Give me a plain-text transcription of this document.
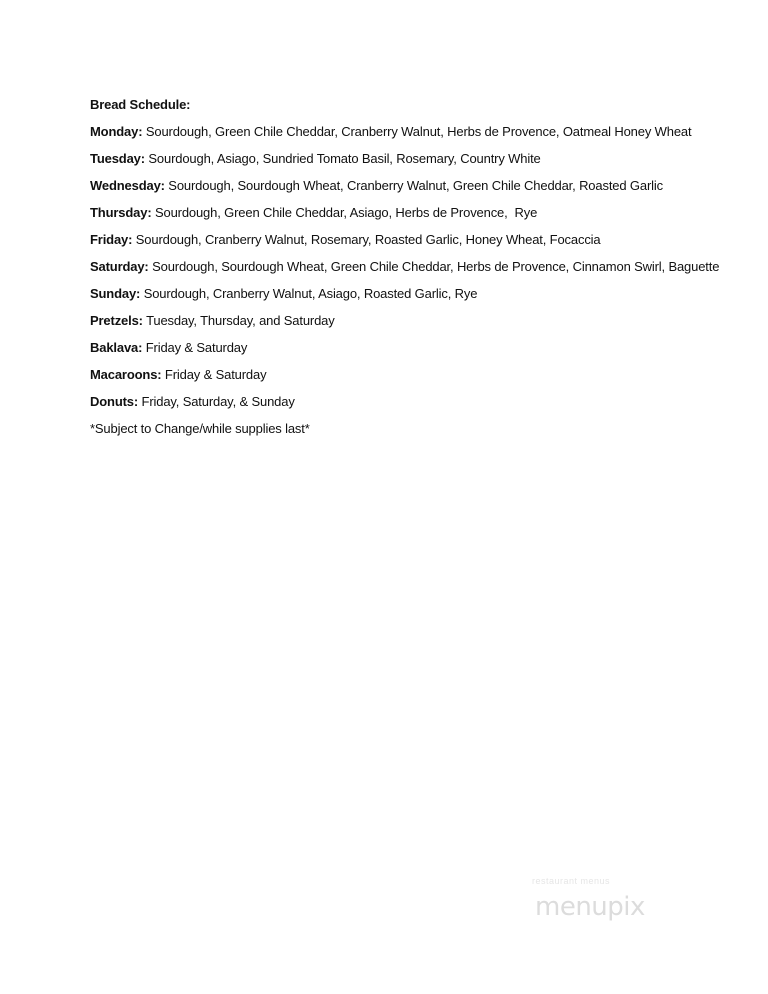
Bread Schedule:
Monday: Sourdough, Green Chile Cheddar, Cranberry Walnut, Herbs de Provence, Oatmeal Honey Wheat
Tuesday: Sourdough, Asiago, Sundried Tomato Basil, Rosemary, Country White
Wednesday: Sourdough, Sourdough Wheat, Cranberry Walnut, Green Chile Cheddar, Roasted Garlic
Thursday: Sourdough, Green Chile Cheddar, Asiago, Herbs de Provence,  Rye
Friday: Sourdough, Cranberry Walnut, Rosemary, Roasted Garlic, Honey Wheat, Focaccia
Saturday: Sourdough, Sourdough Wheat, Green Chile Cheddar, Herbs de Provence, Cinnamon Swirl, Baguette
Sunday: Sourdough, Cranberry Walnut, Asiago, Roasted Garlic, Rye
Pretzels: Tuesday, Thursday, and Saturday
Baklava: Friday & Saturday
Macaroons: Friday & Saturday
Donuts: Friday, Saturday, & Sunday
*Subject to Change/while supplies last*
restaurant menus
menupix
